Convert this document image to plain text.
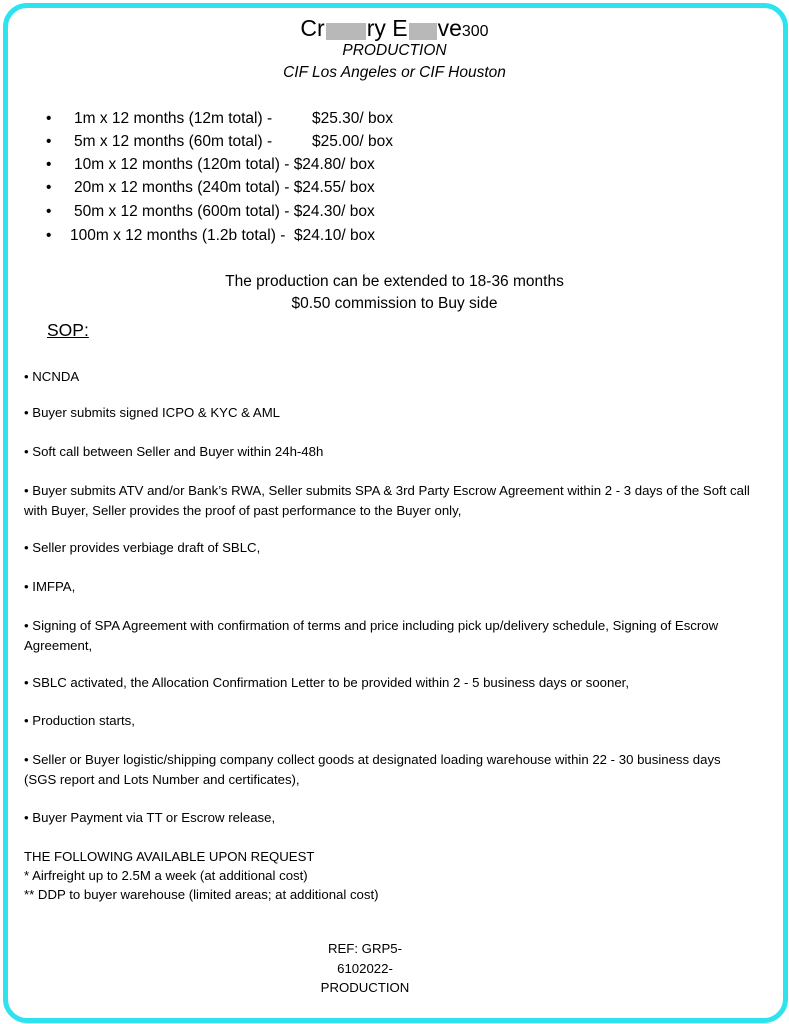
Cr ry E ve300
PRODUCTION
CIF Los Angeles or CIF Houston
• 1m x 12 months (12m total) -	$25.30/ box
• 5m x 12 months (60m total) -	$25.00/ box
• 10m x 12 months (120m total) - $24.80/ box
• 20m x 12 months (240m total) - $24.55/ box
• 50m x 12 months (600m total) - $24.30/ box
• 100m x 12 months (1.2b total) - $24.10/ box
The production can be extended to 18-36 months
$0.50 commission to Buy side
SOP:
• NCNDA
• Buyer submits signed ICPO & KYC & AML
• Soft call between Seller and Buyer within 24h-48h
• Buyer submits ATV and/or Bank’s RWA, Seller submits SPA & 3rd Party Escrow Agreement within 2 - 3 days of the Soft call with Buyer, Seller provides the proof of past performance to the Buyer only,
• Seller provides verbiage draft of SBLC,
• IMFPA,
• Signing of SPA Agreement with confirmation of terms and price including pick up/delivery schedule, Signing of Escrow Agreement,
• SBLC activated, the Allocation Confirmation Letter to be provided within 2 - 5 business days or sooner,
• Production starts,
• Seller or Buyer logistic/shipping company collect goods at designated loading warehouse within 22 - 30 business days (SGS report and Lots Number and certificates),
• Buyer Payment via TT or Escrow release,
THE FOLLOWING AVAILABLE UPON REQUEST
* Airfreight up to 2.5M a week (at additional cost)
** DDP to buyer warehouse (limited areas; at additional cost)
REF: GRP5-
6102022-
PRODUCTION
